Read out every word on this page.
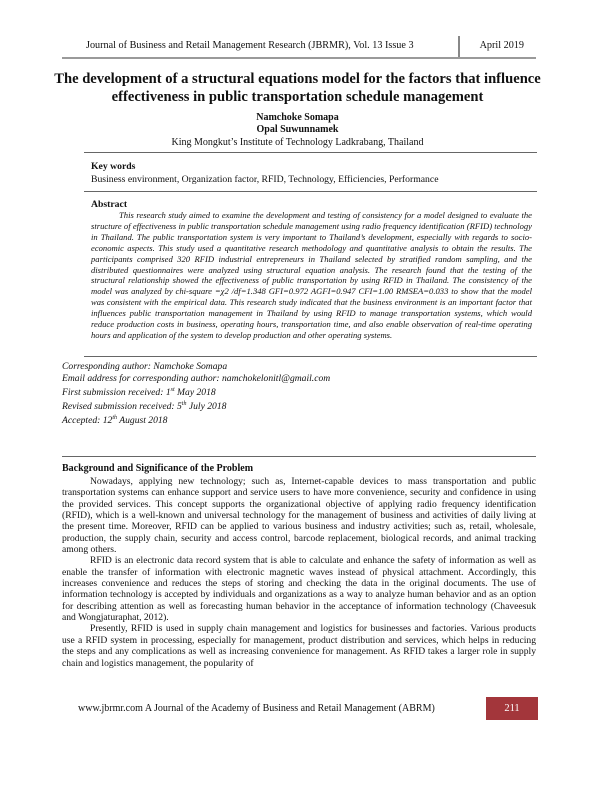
Journal of Business and Retail Management Research (JBRMR), Vol. 13 Issue 3	April 2019
The development of a structural equations model for the factors that influence effectiveness in public transportation schedule management
Namchoke Somapa
Opal Suwunnamek
King Mongkut’s Institute of Technology Ladkrabang, Thailand
Key words
Business environment, Organization factor, RFID, Technology, Efficiencies, Performance
Abstract
This research study aimed to examine the development and testing of consistency for a model designed to evaluate the structure of effectiveness in public transportation schedule management using radio frequency identification (RFID) technology in Thailand. The public transportation system is very important to Thailand’s development, especially with regards to socio-economic aspects. This study used a quantitative research methodology and quantitative analysis to obtain the results. The participants comprised 320 RFID industrial entrepreneurs in Thailand selected by stratified random sampling, and the distributed questionnaires were analyzed using structural equation analysis. The research found that the testing of the structural relationship showed the effectiveness of public transportation by using RFID in Thailand. The consistency of the model was analyzed by chi-square =χ2 /df=1.348 GFI=0.972 AGFI=0.947 CFI=1.00 RMSEA=0.033 to show that the model was consistent with the empirical data. This research study indicated that the business environment is an important factor that influences public transportation management in Thailand by using RFID to manage transportation systems, which would reduce production costs in business, operating hours, transportation time, and also enable observation of real-time operating hours and application of the system to develop production and other operating systems.
Corresponding author: Namchoke Somapa
Email address for corresponding author: namchokelonitl@gmail.com
First submission received: 1st May 2018
Revised submission received: 5th July 2018
Accepted: 12th August 2018
Background and Significance of the Problem

Nowadays, applying new technology; such as, Internet-capable devices to mass transportation and public transportation systems can enhance support and service users to have more convenience, security and confidence in using the provided services. This concept supports the organizational objective of applying radio frequency identification (RFID), which is a well-known and universal technology for the management of business and activities of daily living at the present time. Moreover, RFID can be applied to various business and industry activities; such as, retail, wholesale, production, the supply chain, security and access control, barcode replacement, biological records, and animal tracking among others.

RFID is an electronic data record system that is able to calculate and enhance the safety of information as well as enable the transfer of information with electronic magnetic waves instead of physical attachment. Accordingly, this increases convenience and reduces the steps of storing and checking the data in the original documents. The use of information technology is accepted by individuals and organizations as a way to analyze human behavior and as an option for describing attention as well as forecasting human behavior in the acceptance of information technology (Chaveesuk and Wongjaturaphat, 2012).

Presently, RFID is used in supply chain management and logistics for businesses and factories. Various products use a RFID system in processing, especially for management, product distribution and services, which helps in reducing the steps and any complications as well as increasing convenience for management. As RFID takes a larger role in supply chain and logistics management, the popularity of

www.jbrmr.com A Journal of the Academy of Business and Retail Management (ABRM)	211
